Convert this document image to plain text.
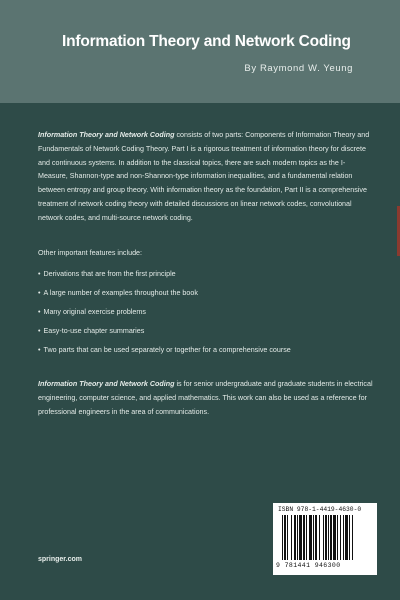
Information Theory and Network Coding
By Raymond W. Yeung

Information Theory and Network Coding consists of two parts: Components of Information Theory and Fundamentals of Network Coding Theory. Part I is a rigorous treatment of information theory for discrete and continuous systems. In addition to the classical topics, there are such modern topics as the I-Measure, Shannon-type and non-Shannon-type information inequalities, and a fundamental relation between entropy and group theory. With information theory as the foundation, Part II is a comprehensive treatment of network coding theory with detailed discussions on linear network codes, convolutional network codes, and multi-source network coding.

Other important features include:
• Derivations that are from the first principle
• A large number of examples throughout the book
• Many original exercise problems
• Easy-to-use chapter summaries
• Two parts that can be used separately or together for a comprehensive course

Information Theory and Network Coding is for senior undergraduate and graduate students in electrical engineering, computer science, and applied mathematics. This work can also be used as a reference for professional engineers in the area of communications.

springer.com
ISBN 978-1-4419-4630-0
9 781441 946300
